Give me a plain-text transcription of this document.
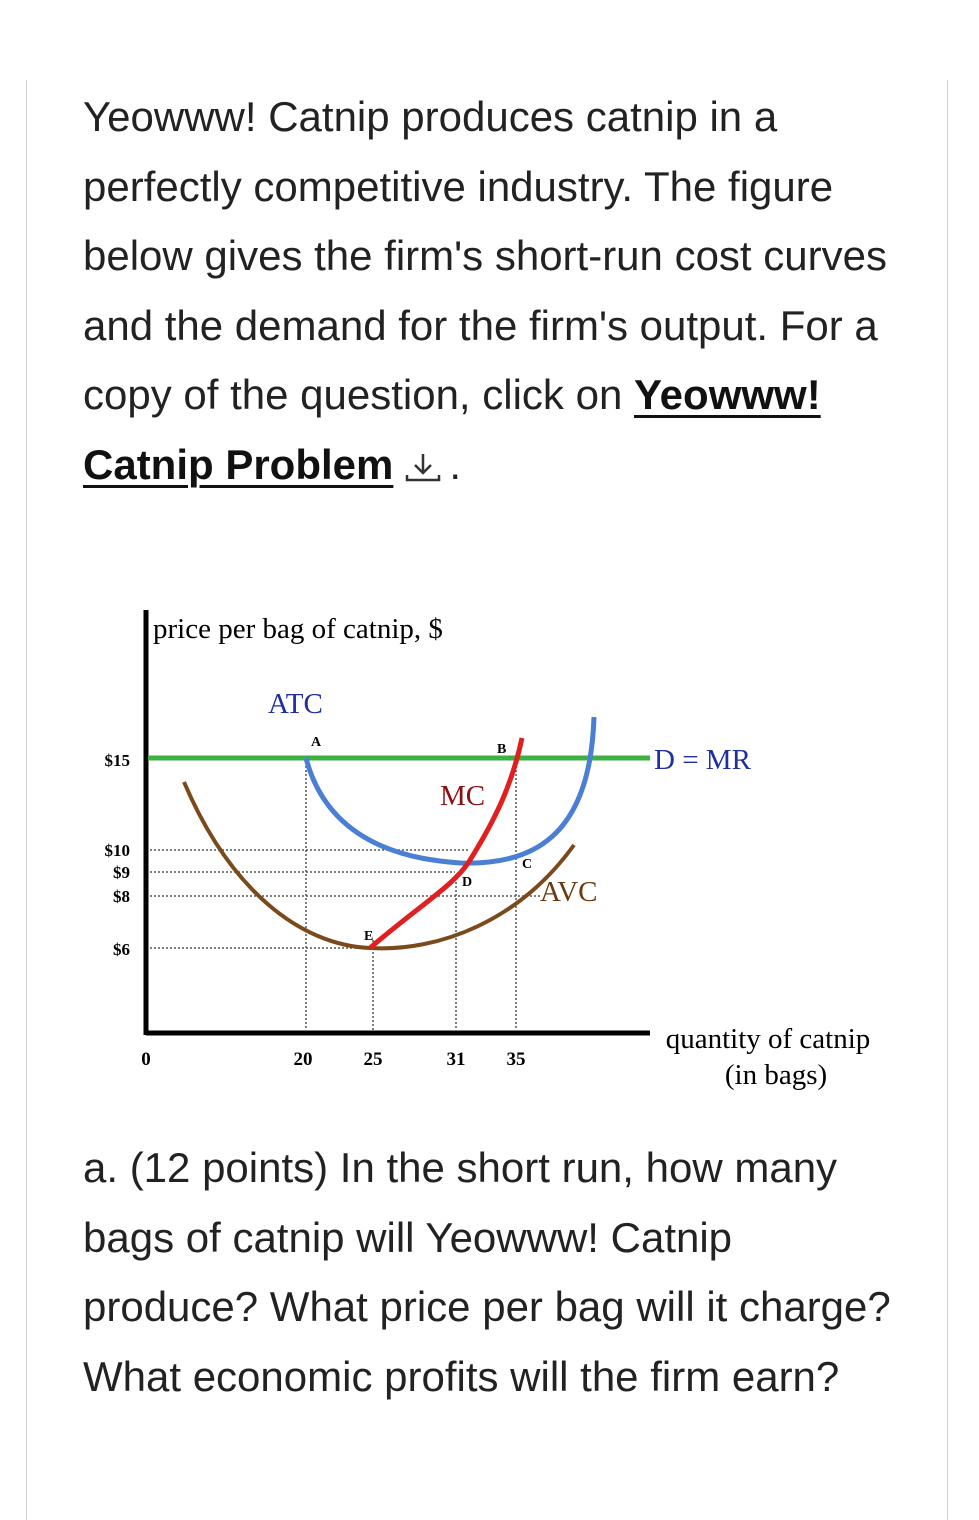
Yeowww! Catnip produces catnip in a perfectly competitive industry. The figure below gives the firm's short-run cost curves and the demand for the firm's output. For a copy of the question, click on Yeowww! Catnip Problem .

price per bag of catnip, $
$15
$10
$9
$8
$6
0	20	25	31 35
quantity of catnip
(in bags)
ATC
MC
AVC
D = MR
A	B
C
D
E

a. (12 points) In the short run, how many bags of catnip will Yeowww! Catnip produce? What price per bag will it charge? What economic profits will the firm earn?
